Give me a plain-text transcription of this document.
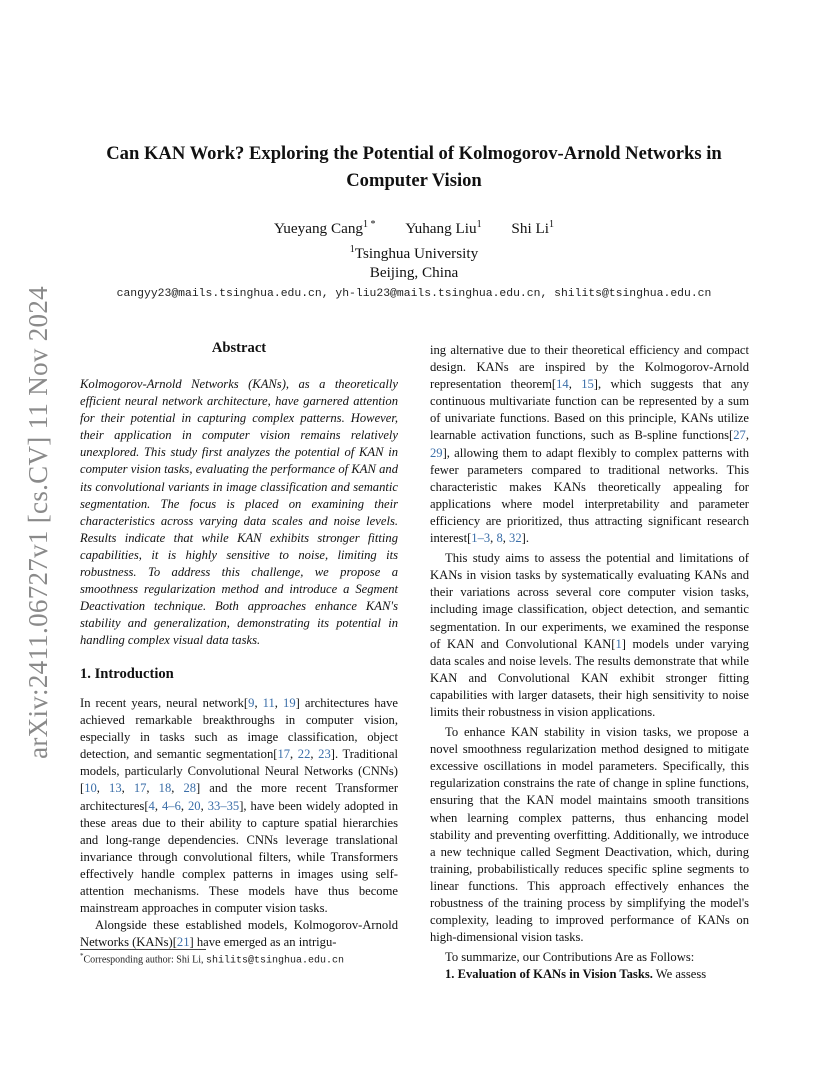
arXiv:2411.06727v1 [cs.CV] 11 Nov 2024
Can KAN Work? Exploring the Potential of Kolmogorov-Arnold Networks in Computer Vision
Yueyang Cang$^{1 *}$ Yuhang Liu$^1$ Shi Li$^1$
$^1$Tsinghua University
Beijing, China
cangyy23@mails.tsinghua.edu.cn, yh-liu23@mails.tsinghua.edu.cn, shilits@tsinghua.edu.cn
Abstract

Kolmogorov-Arnold Networks (KANs), as a theoretically efficient neural network architecture, have garnered attention for their potential in capturing complex patterns. However, their application in computer vision remains relatively unexplored. This study first analyzes the potential of KAN in computer vision tasks, evaluating the performance of KAN and its convolutional variants in image classification and semantic segmentation. The focus is placed on examining their characteristics across varying data scales and noise levels. Results indicate that while KAN exhibits stronger fitting capabilities, it is highly sensitive to noise, limiting its robustness. To address this challenge, we propose a smoothness regularization method and introduce a Segment Deactivation technique. Both approaches enhance KAN's stability and generalization, demonstrating its potential in handling complex visual data tasks.

1. Introduction

In recent years, neural network[9, 11, 19] architectures have achieved remarkable breakthroughs in computer vision, especially in tasks such as image classification, object detection, and semantic segmentation[17, 22, 23]. Traditional models, particularly Convolutional Neural Networks (CNNs)[10, 13, 17, 18, 28] and the more recent Transformer architectures[4, 4–6, 20, 33–35], have been widely adopted in these areas due to their ability to capture spatial hierarchies and long-range dependencies. CNNs leverage translational invariance through convolutional filters, while Transformers effectively handle complex patterns in images using self-attention mechanisms. These models have thus become mainstream approaches in computer vision tasks.

Alongside these established models, Kolmogorov-Arnold Networks (KANs)[21] have emerged as an intrigu-

ing alternative due to their theoretical efficiency and compact design. KANs are inspired by the Kolmogorov-Arnold representation theorem[14, 15], which suggests that any continuous multivariate function can be represented by a sum of univariate functions. Based on this principle, KANs utilize learnable activation functions, such as B-spline functions[27, 29], allowing them to adapt flexibly to complex patterns with fewer parameters compared to traditional networks. This characteristic makes KANs theoretically appealing for applications where model interpretability and parameter efficiency are prioritized, thus attracting significant research interest[1–3, 8, 32].

This study aims to assess the potential and limitations of KANs in vision tasks by systematically evaluating KANs and their variations across several core computer vision tasks, including image classification, object detection, and semantic segmentation. In our experiments, we examined the response of KAN and Convolutional KAN[1] models under varying data scales and noise levels. The results demonstrate that while KAN and Convolutional KAN exhibit stronger fitting capabilities with larger datasets, their high sensitivity to noise limits their robustness in vision applications.

To enhance KAN stability in vision tasks, we propose a novel smoothness regularization method designed to mitigate excessive oscillations in model parameters. Specifically, this regularization constrains the rate of change in spline functions, ensuring that the KAN model maintains smooth transitions when learning complex patterns, thus enhancing model stability and preventing overfitting. Additionally, we introduce a new technique called Segment Deactivation, which, during training, probabilistically reduces specific spline segments to linear functions. This approach effectively enhances the robustness of the training process by simplifying the model's complexity, leading to improved performance of KANs on high-dimensional vision tasks.

To summarize, our Contributions Are as Follows:

1. Evaluation of KANs in Vision Tasks. We assess

*Corresponding author: Shi Li, shilits@tsinghua.edu.cn
